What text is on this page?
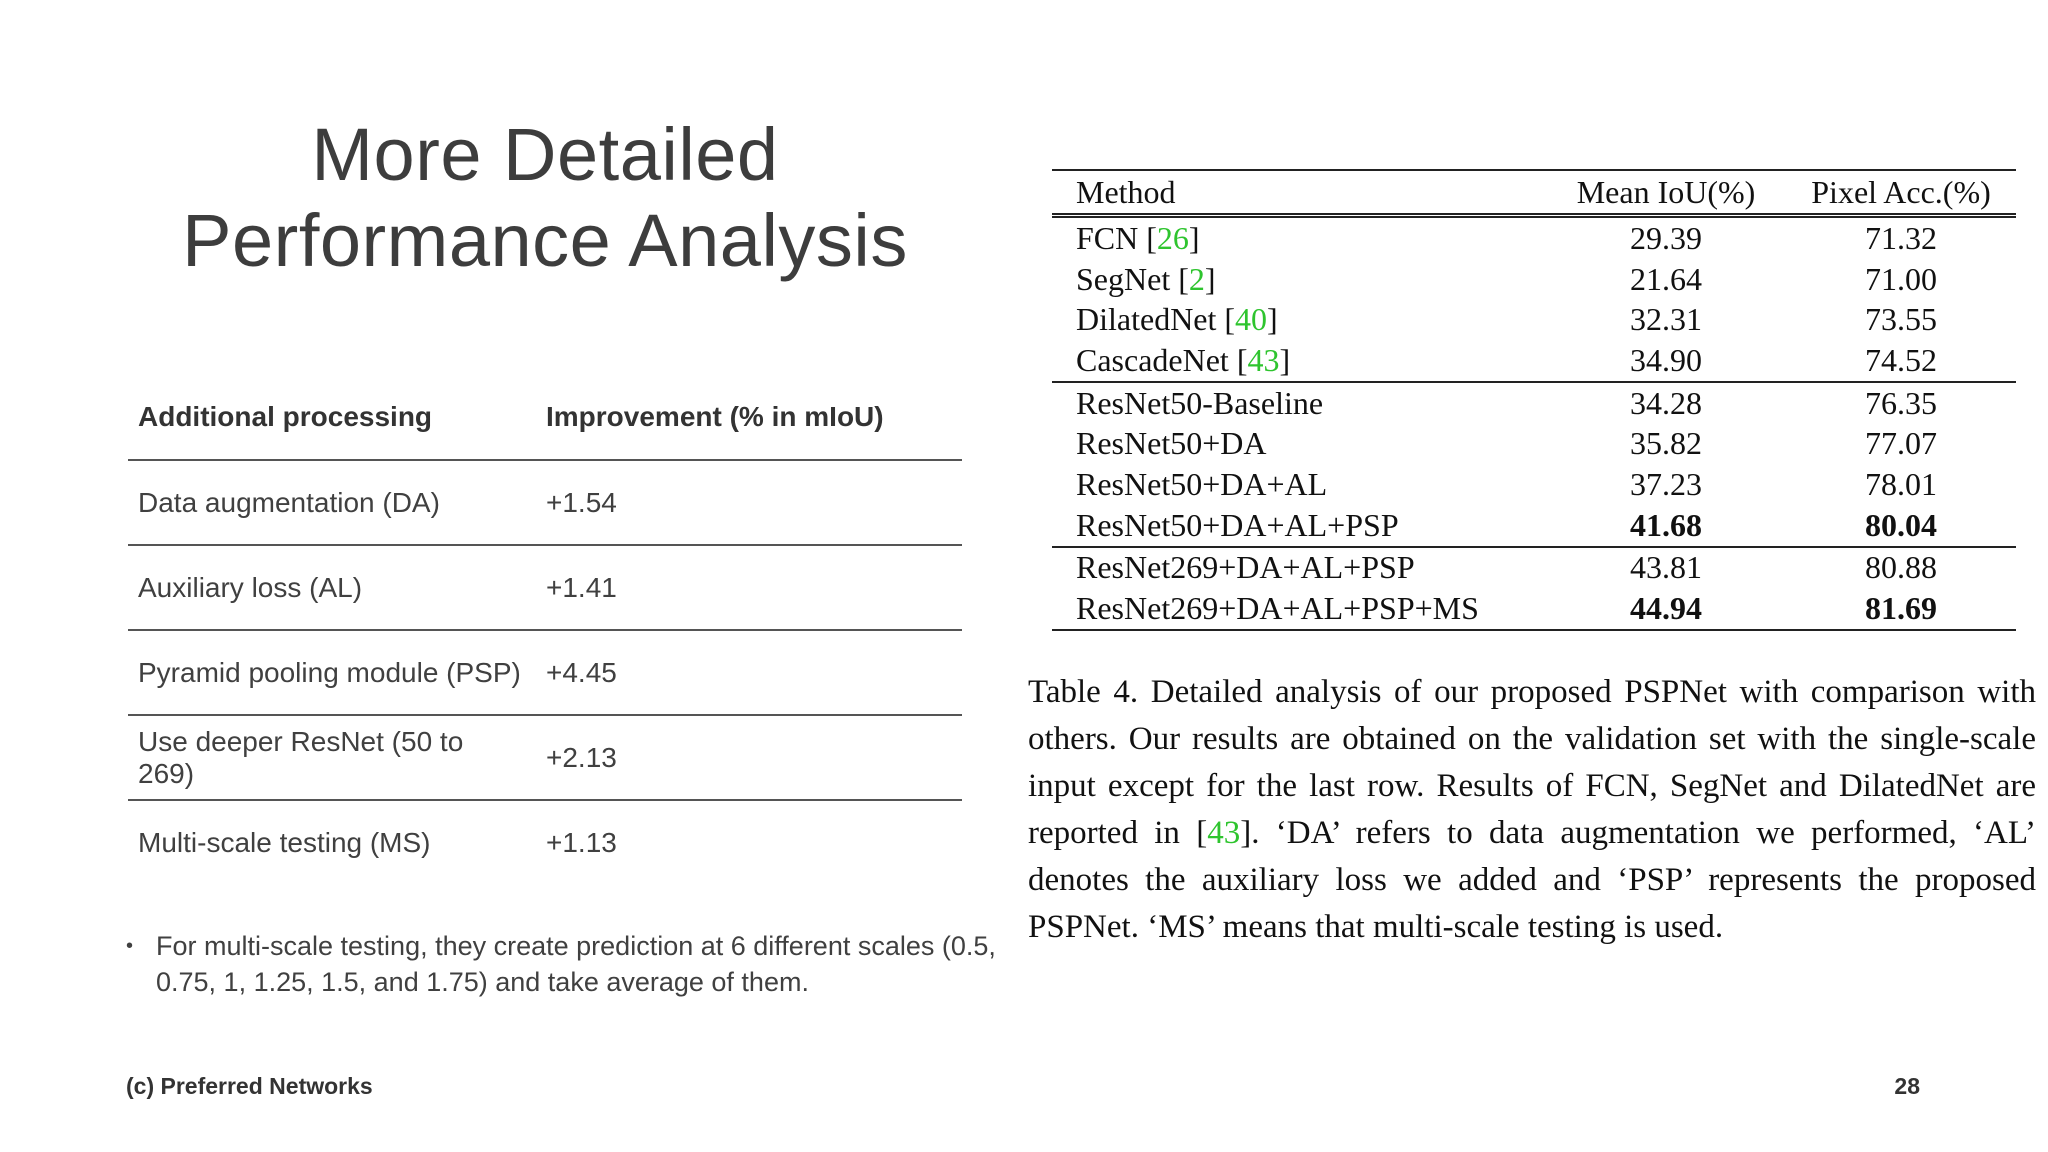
More Detailed
Performance Analysis
Additional processing	Improvement (% in mIoU)
Data augmentation (DA)	+1.54
Auxiliary loss (AL)	+1.41
Pyramid pooling module (PSP)	+4.45
Use deeper ResNet (50 to 269)	+2.13
Multi-scale testing (MS)	+1.13
• For multi-scale testing, they create prediction at 6 different scales (0.5, 0.75, 1, 1.25, 1.5, and 1.75) and take average of them.
Method	Mean IoU(%)	Pixel Acc.(%)
FCN [26]	29.39	71.32
SegNet [2]	21.64	71.00
DilatedNet [40]	32.31	73.55
CascadeNet [43]	34.90	74.52
ResNet50-Baseline	34.28	76.35
ResNet50+DA	35.82	77.07
ResNet50+DA+AL	37.23	78.01
ResNet50+DA+AL+PSP	41.68	80.04
ResNet269+DA+AL+PSP	43.81	80.88
ResNet269+DA+AL+PSP+MS	44.94	81.69
Table 4. Detailed analysis of our proposed PSPNet with comparison with others. Our results are obtained on the validation set with the single-scale input except for the last row. Results of FCN, SegNet and DilatedNet are reported in [43]. ‘DA’ refers to data augmentation we performed, ‘AL’ denotes the auxiliary loss we added and ‘PSP’ represents the proposed PSPNet. ‘MS’ means that multi-scale testing is used.
(c) Preferred Networks	28
